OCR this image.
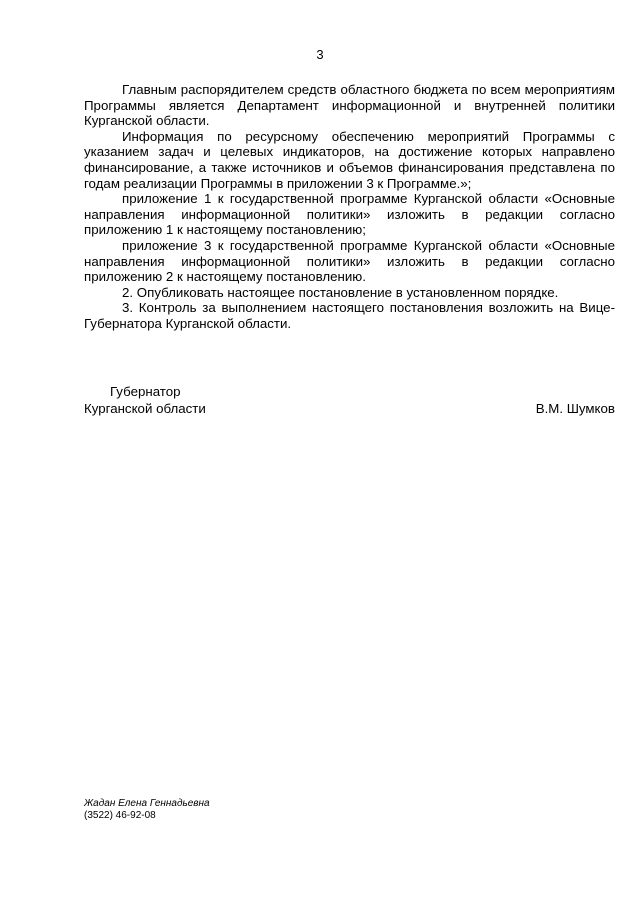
3

Главным распорядителем средств областного бюджета по всем мероприятиям Программы является Департамент информационной и внутренней политики Курганской области.

Информация по ресурсному обеспечению мероприятий Программы с указанием задач и целевых индикаторов, на достижение которых направлено финансирование, а также источников и объемов финансирования представлена по годам реализации Программы в приложении 3 к Программе.»;

приложение 1 к государственной программе Курганской области «Основные направления информационной политики» изложить в редакции согласно приложению 1 к настоящему постановлению;

приложение 3 к государственной программе Курганской области «Основные направления информационной политики» изложить в редакции согласно приложению 2 к настоящему постановлению.

2. Опубликовать настоящее постановление в установленном порядке.

3. Контроль за выполнением настоящего постановления возложить на Вице-Губернатора Курганской области.

Губернатор
Курганской области	В.М. Шумков
Жадан Елена Геннадьевна
(3522) 46-92-08
